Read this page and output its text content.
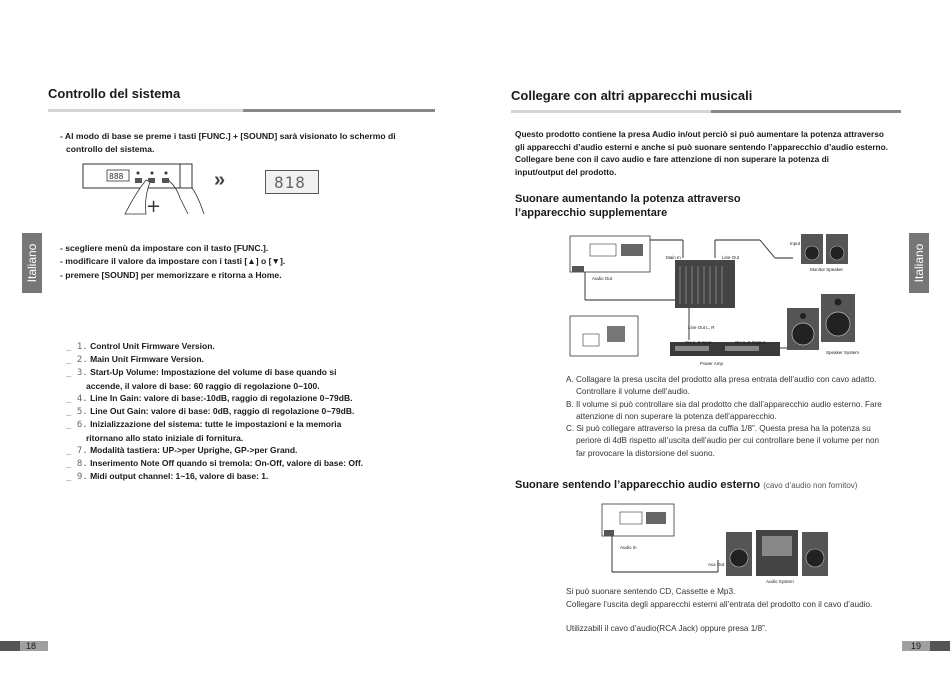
Controllo del sistema
- Al modo di base se preme i tasti [FUNC.] + [SOUND] sarà visionato lo schermo di
controllo del sistema.
888
+
»	818
- scegliere menù da impostare con il tasto [FUNC.].
- modificare il valore da impostare con i tasti [▲] o [▼].
- premere [SOUND] per memorizzare e ritorna a Home.
_ 1. Control Unit Firmware Version.
_ 2. Main Unit Firmware Version.
_ 3. Start-Up Volume: Impostazione del volume di base quando si
accende, il valore di base: 60 raggio di regolazione 0~100.
_ 4. Line In Gain: valore di base:-10dB, raggio di regolazione 0~79dB.
_ 5. Line Out Gain: valore di base: 0dB, raggio di regolazione 0~79dB.
_ 6. Inizializzazione del sistema: tutte le impostazioni e la memoria
ritornano allo stato iniziale di fornitura.
_ 7. Modalità tastiera: UP->per Uprighe, GP->per Grand.
_ 8. Inserimento Note Off quando si tremola: On-Off, valore di base: Off.
_ 9. Midi output channel: 1~16, valore di base: 1.
Italiano
18
Collegare con altri apparecchi musicali
Questo prodotto contiene la presa Audio in/out perciò si può aumentare la potenza attraverso
gli apparecchi d’audio esterni e anche si può suonare sentendo l’apparecchio d’audio esterno.
Collegare bene con il cavo audio e fare attenzione di non superare la potenza di
input/output del prodotto.
Suonare aumentando la potenza attraverso
l’apparecchio supplementare
Input
Monitor Speaker
Main In	Line Out
Audio Out
Line Out L, R
CH 1, 2 Input	CH 1, 2 Output
Power Amp
Speaker System
A. Collagare la presa uscita del prodotto alla presa entrata dell’audio con cavo adatto.
Controllare il volume dell’audio.
B. Il volume si può controllare sia dal prodotto che dall’apparecchio audio esterno. Fare
attenzione di non superare la potenza dell’apparecchio.
C. Si può collegare attraverso la presa da cuffia 1/8”. Questa presa ha la potenza su
periore di 4dB rispetto all’uscita dell’audio per cui controllare bene il volume per non
far provocare la distorsione del suono.
Suonare sentendo l’apparecchio audio esterno (cavo d’audio non fornitov)
Audio In
Aux Out
Audio System
Si può suonare sentendo CD, Cassette e Mp3.
Collegare l’uscita degli apparecchi esterni all’entrata del prodotto con il cavo d’audio.
Utilizzabili il cavo d’audio(RCA Jack) oppure presa 1/8”.
Italiano
19
